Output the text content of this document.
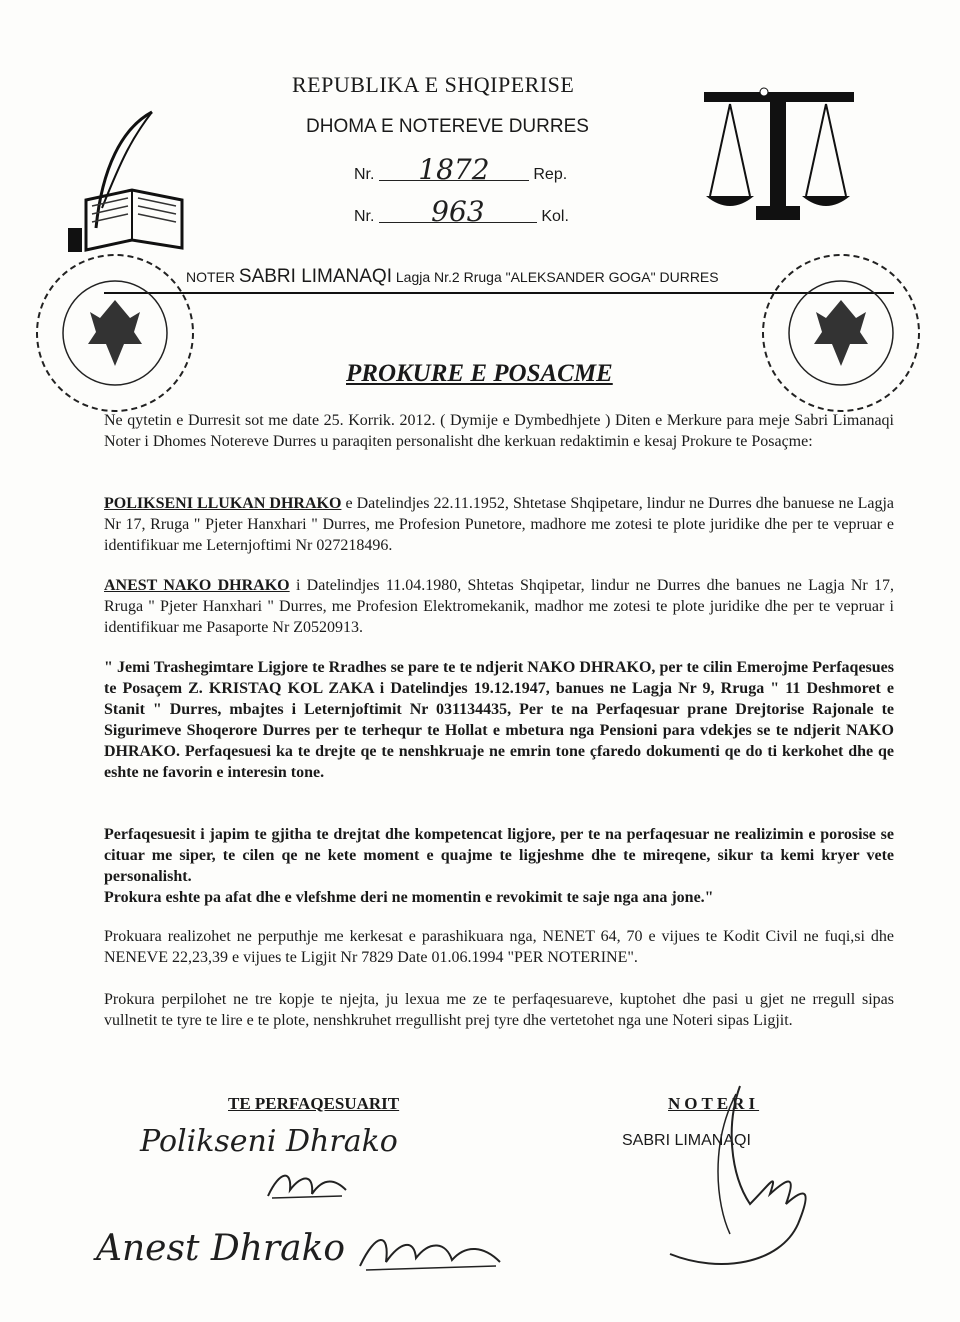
REPUBLIKA E SHQIPERISE
DHOMA E NOTEREVE DURRES
Nr. 1872	Rep.
Nr. 963	Kol.
NOTER SABRI LIMANAQI Lagja Nr.2 Rruga "ALEKSANDER GOGA" DURRES
PROKURE E POSACME
Ne qytetin e Durresit sot me date 25. Korrik. 2012. ( Dymije e Dymbedhjete ) Diten e Merkure para meje Sabri Limanaqi Noter i Dhomes Notereve Durres u paraqiten personalisht dhe kerkuan redaktimin e kesaj Prokure te Posaçme:
POLIKSENI LLUKAN DHRAKO e Datelindjes 22.11.1952, Shtetase Shqipetare, lindur ne Durres dhe banuese ne Lagja Nr 17, Rruga " Pjeter Hanxhari " Durres, me Profesion Punetore, madhore me zotesi te plote juridike dhe per te vepruar e identifikuar me Leternjoftimi Nr 027218496.
ANEST NAKO DHRAKO i Datelindjes 11.04.1980, Shtetas Shqipetar, lindur ne Durres dhe banues ne Lagja Nr 17, Rruga " Pjeter Hanxhari " Durres, me Profesion Elektromekanik, madhor me zotesi te plote juridike dhe per te vepruar i identifikuar me Pasaporte Nr Z0520913.
" Jemi Trashegimtare Ligjore te Rradhes se pare te te ndjerit NAKO DHRAKO, per te cilin Emerojme Perfaqesues te Posaçem Z. KRISTAQ KOL ZAKA i Datelindjes 19.12.1947, banues ne Lagja Nr 9, Rruga " 11 Deshmoret e Stanit " Durres, mbajtes i Leternjoftimit Nr 031134435, Per te na Perfaqesuar prane Drejtorise Rajonale te Sigurimeve Shoqerore Durres per te terhequr te Hollat e mbetura nga Pensioni para vdekjes se te ndjerit NAKO DHRAKO. Perfaqesuesi ka te drejte qe te nenshkruaje ne emrin tone çfaredo dokumenti qe do ti kerkohet dhe qe eshte ne favorin e interesin tone.
Perfaqesuesit i japim te gjitha te drejtat dhe kompetencat ligjore, per te na perfaqesuar ne realizimin e porosise se cituar me siper, te cilen qe ne kete moment e quajme te ligjeshme dhe te mireqene, sikur ta kemi kryer vete personalisht.
Prokura eshte pa afat dhe e vlefshme deri ne momentin e revokimit te saje nga ana jone."
Prokuara realizohet ne perputhje me kerkesat e parashikuara nga, NENET 64, 70 e vijues te Kodit Civil ne fuqi,si dhe NENEVE 22,23,39 e vijues te Ligjit Nr 7829 Date 01.06.1994 "PER NOTERINE".
Prokura perpilohet ne tre kopje te njejta, ju lexua me ze te perfaqesuareve, kuptohet dhe pasi u gjet ne rregull sipas vullnetit te tyre te lire e te plote, nenshkruhet rregullisht prej tyre dhe vertetohet nga une Noteri sipas Ligjit.
TE PERFAQESUARIT	NOTERI
SABRI LIMANAQI
Polikseni Dhrako
Anest Dhrako
